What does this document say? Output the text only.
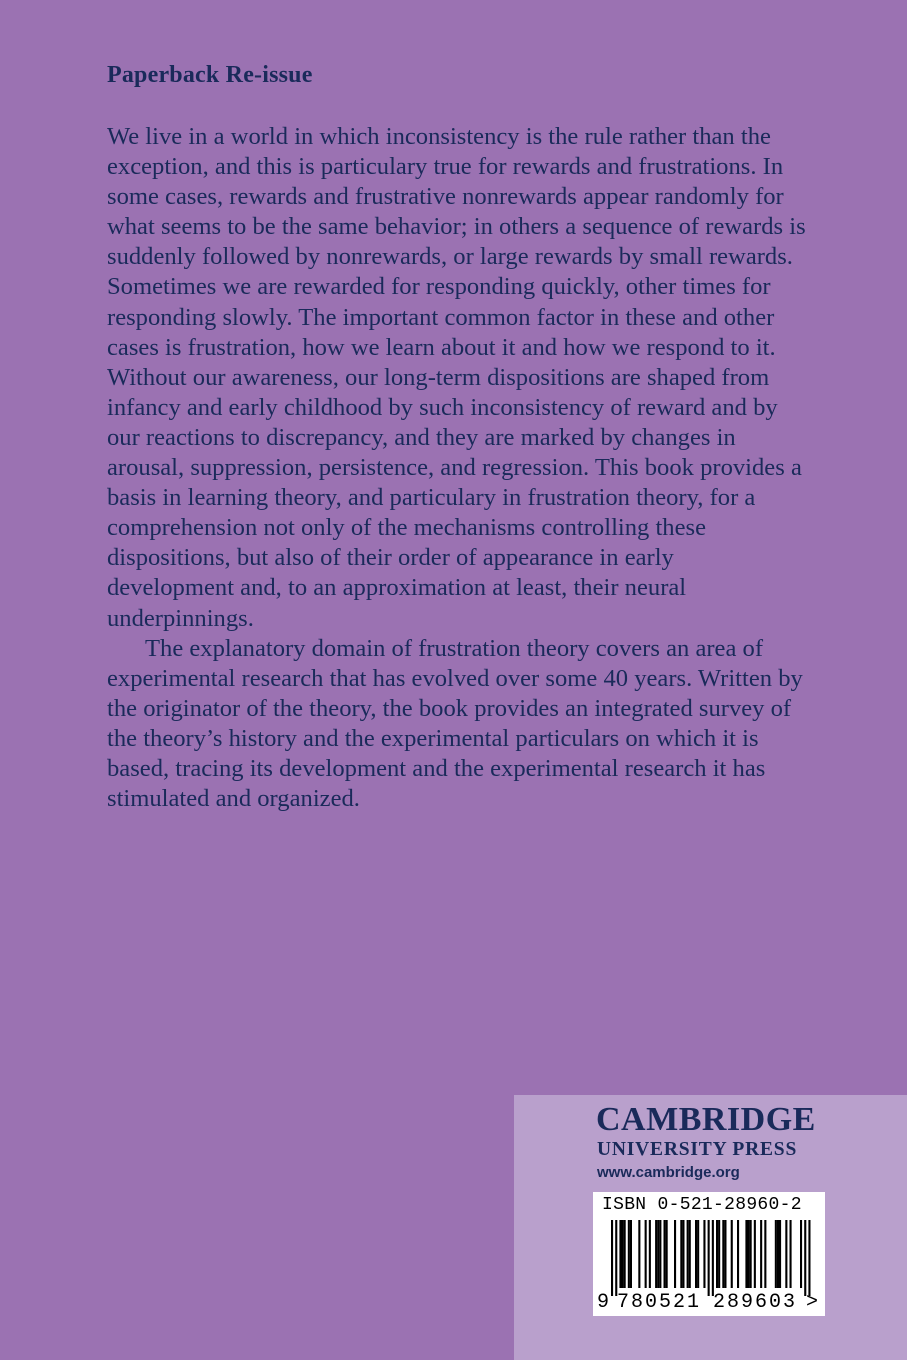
Paperback Re-issue

We live in a world in which inconsistency is the rule rather than the exception, and this is particulary true for rewards and frustrations. In some cases, rewards and frustrative nonrewards appear randomly for what seems to be the same behavior; in others a sequence of rewards is suddenly followed by nonrewards, or large rewards by small rewards. Sometimes we are rewarded for responding quickly, other times for responding slowly. The important common factor in these and other cases is frustration, how we learn about it and how we respond to it. Without our awareness, our long-term dispositions are shaped from infancy and early childhood by such inconsistency of reward and by our reactions to discrepancy, and they are marked by changes in arousal, suppression, persistence, and regression. This book provides a basis in learning theory, and particulary in frustration theory, for a comprehension not only of the mechanisms controlling these dispositions, but also of their order of appearance in early development and, to an approximation at least, their neural underpinnings.

The explanatory domain of frustration theory covers an area of experimental research that has evolved over some 40 years. Written by the originator of the theory, the book provides an integrated survey of the theory’s history and the experimental particulars on which it is based, tracing its development and the experimental research it has stimulated and organized.

CAMBRIDGE
UNIVERSITY PRESS
www.cambridge.org
ISBN 0-521-28960-2
9 780521 289603 >
